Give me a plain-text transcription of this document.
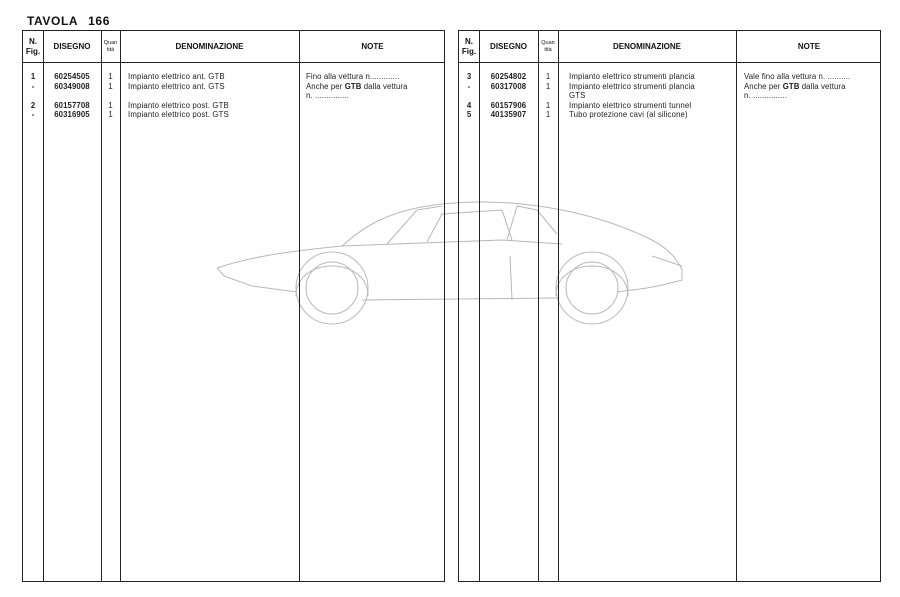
TAVOLA 166
N.
Fig.
DISEGNO	Quan
tità	DENOMINAZIONE	NOTE
1	60254505	1	Impianto elettrico ant. GTB	Fino alla vettura n.............
-	60349008	1	Impianto elettrico ant. GTS	Anche per GTB dalla vettura
n. ...............
2	60157708	1	Impianto elettrico post. GTB
-	60316905	1	Impianto elettrico post. GTS
N.
Fig.
DISEGNO	Quan
tità	DENOMINAZIONE	NOTE
3	60254802	1	Impianto elettrico strumenti plancia	Vale fino alla vettura n. ..........
-	60317008	1	Impianto elettrico strumenti plancia
GTS
Anche per GTB dalla vettura
n. ...............
4	60157906	1	Impianto elettrico strumenti tunnel
5	40135907	1	Tubo protezione cavi (al silicone)
